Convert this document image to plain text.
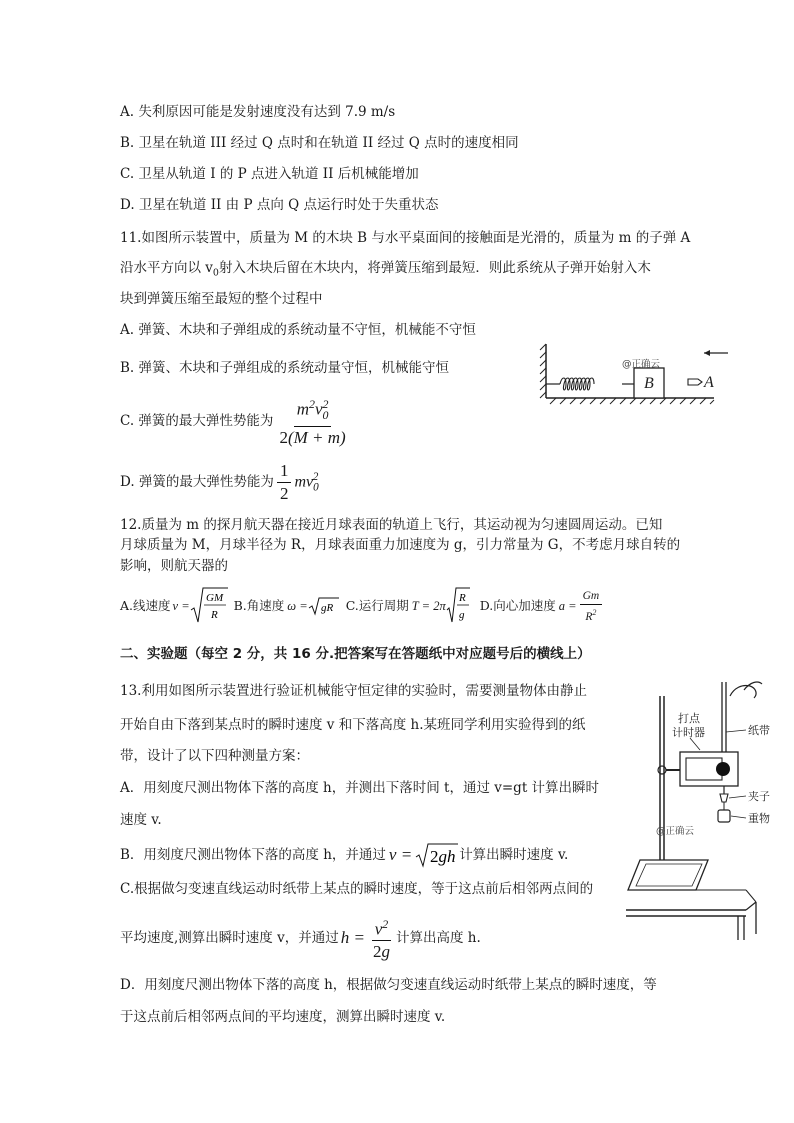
A. 失利原因可能是发射速度没有达到 7.9 m/s
B. 卫星在轨道 III 经过 Q 点时和在轨道 II 经过 Q 点时的速度相同
C. 卫星从轨道 I 的 P 点进入轨道 II 后机械能增加
D. 卫星在轨道 II 由 P 点向 Q 点运行时处于失重状态
11.如图所示装置中，质量为 M 的木块 B 与水平桌面间的接触面是光滑的，质量为 m 的子弹 A
沿水平方向以 $v_0$射入木块后留在木块内，将弹簧压缩到最短．则此系统从子弹开始射入木
块到弹簧压缩至最短的整个过程中
A. 弹簧、木块和子弹组成的系统动量不守恒，机械能不守恒
B. 弹簧、木块和子弹组成的系统动量守恒，机械能守恒
C. 弹簧的最大弹性势能为 $\frac{m^2v_0^2}{2(M + m)}$
D. 弹簧的最大弹性势能为 $\frac{1}{2} mv_0^2$
B
@正确云
A
12.质量为 m 的探月航天器在接近月球表面的轨道上飞行，其运动视为匀速圆周运动。已知
月球质量为 M，月球半径为 R，月球表面重力加速度为 g，引力常量为 G，不考虑月球自转的
影响，则航天器的
A.线速度 v =
GM
R
B.角速度 ω = gR C.运行周期 T = 2π
R
g
D.向心加速度 $a = \frac{Gm}{R^2}$
二、实验题（每空 2 分，共 16 分.把答案写在答题纸中对应题号后的横线上）
13.利用如图所示装置进行验证机械能守恒定律的实验时，需要测量物体由静止
开始自由下落到某点时的瞬时速度 v 和下落高度 h.某班同学利用实验得到的纸
带，设计了以下四种测量方案：
A．用刻度尺测出物体下落的高度 h，并测出下落时间 t，通过 v=gt 计算出瞬时
速度 v.
B．用刻度尺测出物体下落的高度 h，并通过 v = 2gh 计算出瞬时速度 v.
C.根据做匀变速直线运动时纸带上某点的瞬时速度，等于这点前后相邻两点间的
平均速度,测算出瞬时速度 v，并通过 $h = \frac{v^2}{2g}$ 计算出高度 h.
D．用刻度尺测出物体下落的高度 h，根据做匀变速直线运动时纸带上某点的瞬时速度，等
于这点前后相邻两点间的平均速度，测算出瞬时速度 v.
打点
计时器	纸带
夹子
重物
@正确云
